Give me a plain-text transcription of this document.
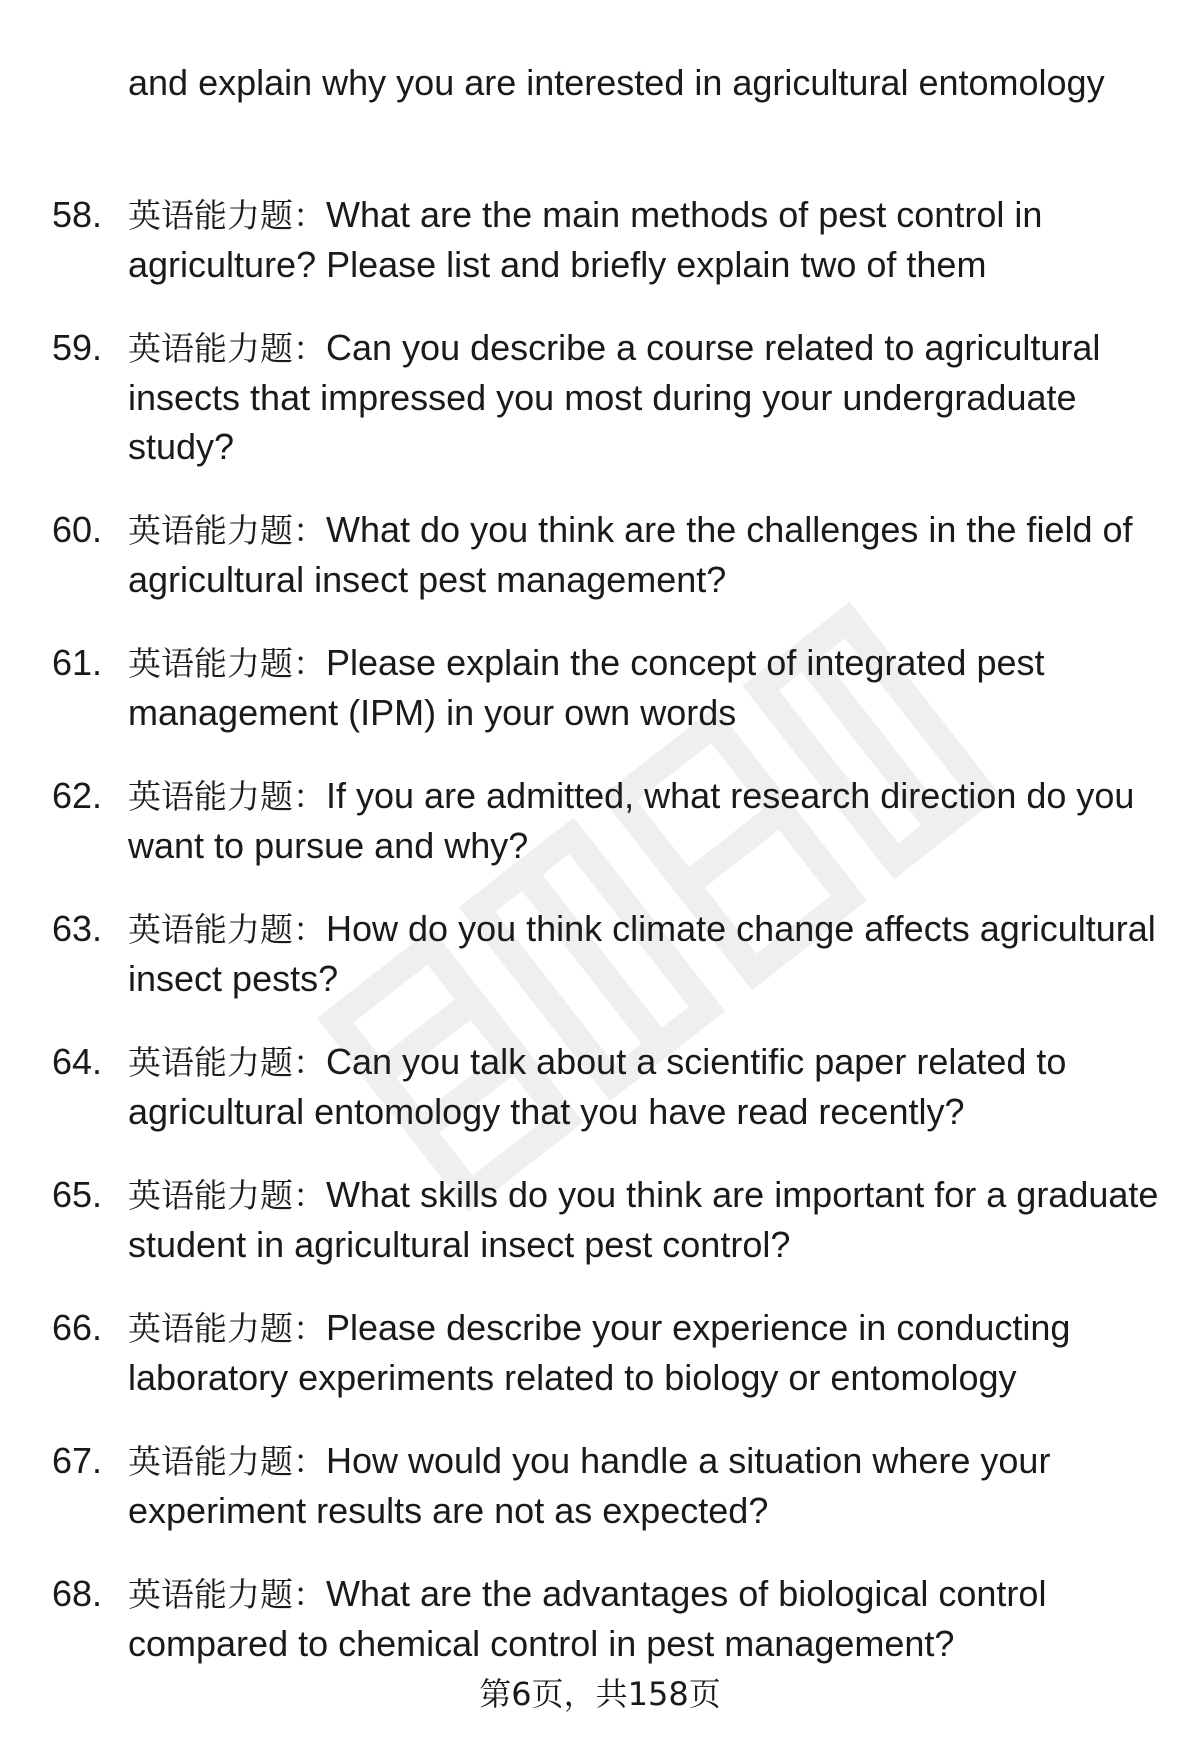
and explain why you are interested in agricultural entomology
58. 英语能力题：What are the main methods of pest control in agriculture? Please list and briefly explain two of them
59. 英语能力题：Can you describe a course related to agricultural insects that impressed you most during your undergraduate study?
60. 英语能力题：What do you think are the challenges in the field of agricultural insect pest management?
61. 英语能力题：Please explain the concept of integrated pest management (IPM) in your own words
62. 英语能力题：If you are admitted, what research direction do you want to pursue and why?
63. 英语能力题：How do you think climate change affects agricultural insect pests?
64. 英语能力题：Can you talk about a scientific paper related to agricultural entomology that you have read recently?
65. 英语能力题：What skills do you think are important for a graduate student in agricultural insect pest control?
66. 英语能力题：Please describe your experience in conducting laboratory experiments related to biology or entomology
67. 英语能力题：How would you handle a situation where your experiment results are not as expected?
68. 英语能力题：What are the advantages of biological control compared to chemical control in pest management?
第6页，共158页
